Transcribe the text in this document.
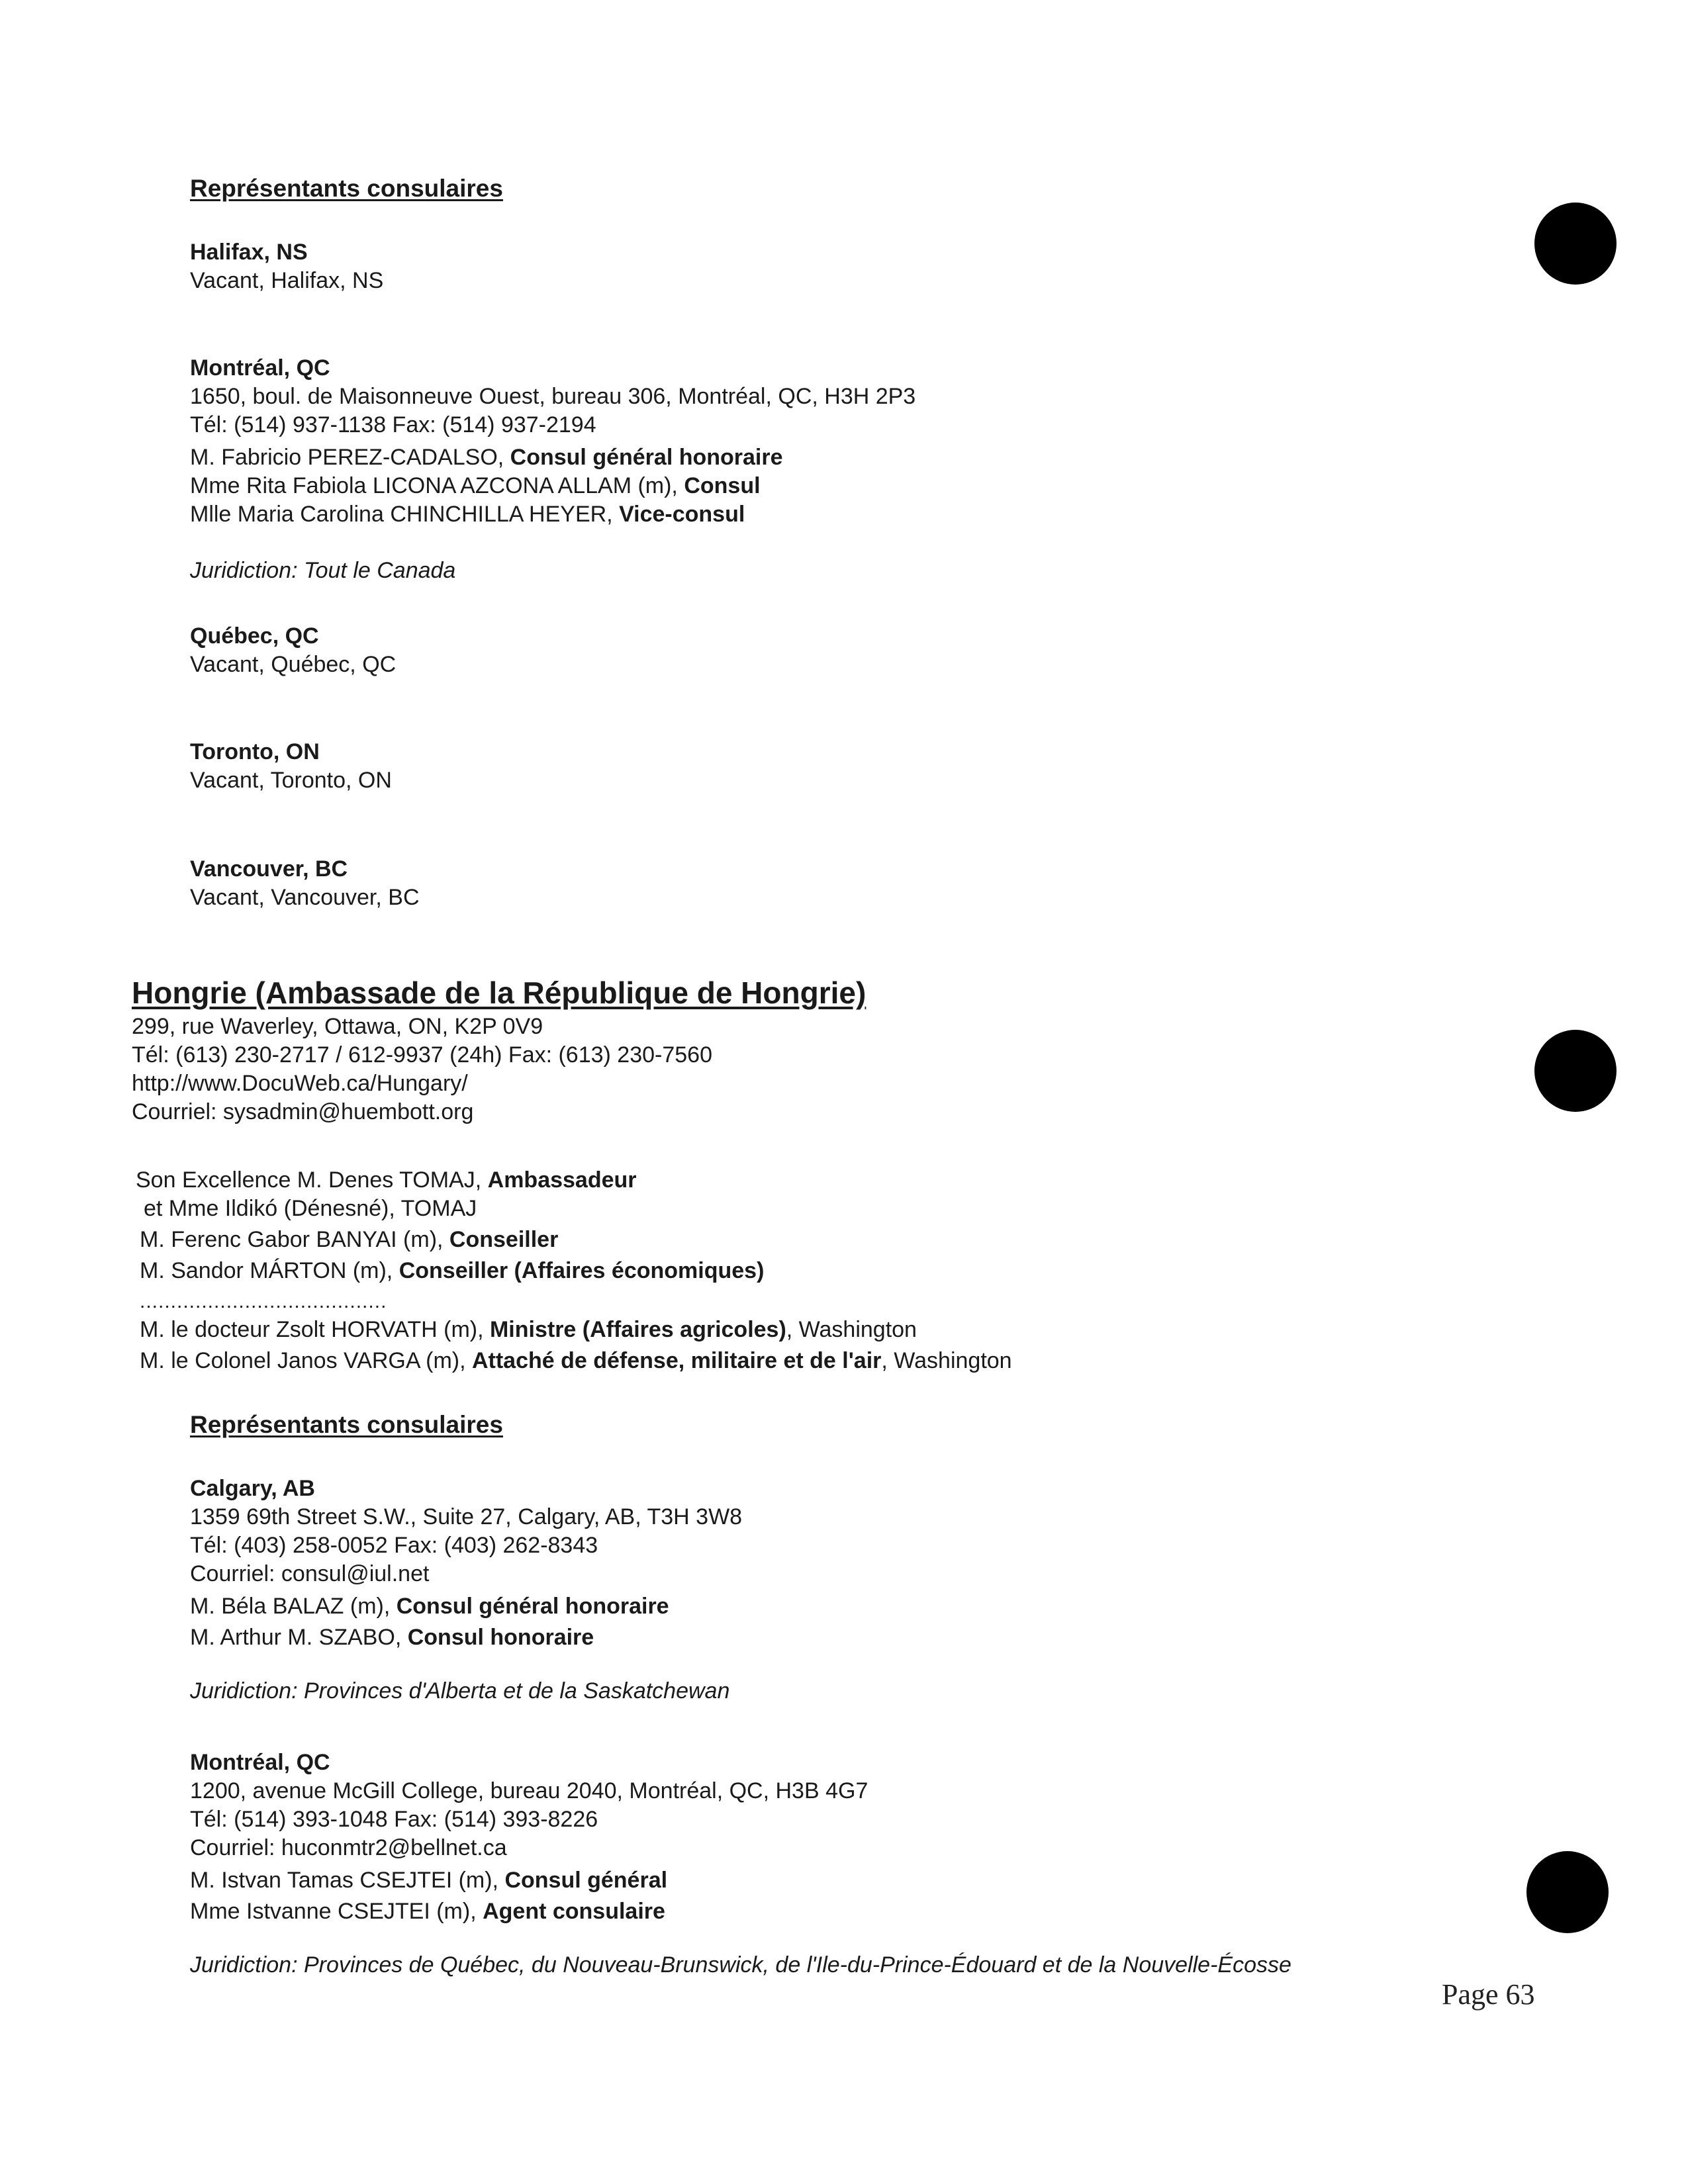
Représentants consulaires
Halifax, NS
Vacant, Halifax, NS
Montréal, QC
1650, boul. de Maisonneuve Ouest, bureau 306, Montréal, QC, H3H 2P3
Tél: (514) 937-1138 Fax: (514) 937-2194
M. Fabricio PEREZ-CADALSO, Consul général honoraire
Mme Rita Fabiola LICONA AZCONA ALLAM (m), Consul
Mlle Maria Carolina CHINCHILLA HEYER, Vice-consul
Juridiction: Tout le Canada
Québec, QC
Vacant, Québec, QC
Toronto, ON
Vacant, Toronto, ON
Vancouver, BC
Vacant, Vancouver, BC
Hongrie (Ambassade de la République de Hongrie)
299, rue Waverley, Ottawa, ON, K2P 0V9
Tél: (613) 230-2717 / 612-9937 (24h) Fax: (613) 230-7560
http://www.DocuWeb.ca/Hungary/
Courriel: sysadmin@huembott.org
Son Excellence M. Denes TOMAJ, Ambassadeur
et Mme Ildikó (Dénesné), TOMAJ
M. Ferenc Gabor BANYAI (m), Conseiller
M. Sandor MÁRTON (m), Conseiller (Affaires économiques)
........................................
M. le docteur Zsolt HORVATH (m), Ministre (Affaires agricoles), Washington
M. le Colonel Janos VARGA (m), Attaché de défense, militaire et de l'air, Washington
Représentants consulaires
Calgary, AB
1359 69th Street S.W., Suite 27, Calgary, AB, T3H 3W8
Tél: (403) 258-0052 Fax: (403) 262-8343
Courriel: consul@iul.net
M. Béla BALAZ (m), Consul général honoraire
M. Arthur M. SZABO, Consul honoraire
Juridiction: Provinces d'Alberta et de la Saskatchewan
Montréal, QC
1200, avenue McGill College, bureau 2040, Montréal, QC, H3B 4G7
Tél: (514) 393-1048 Fax: (514) 393-8226
Courriel: huconmtr2@bellnet.ca
M. Istvan Tamas CSEJTEI (m), Consul général
Mme Istvanne CSEJTEI (m), Agent consulaire
Juridiction: Provinces de Québec, du Nouveau-Brunswick, de l'Ile-du-Prince-Édouard et de la Nouvelle-Écosse
Page 63
